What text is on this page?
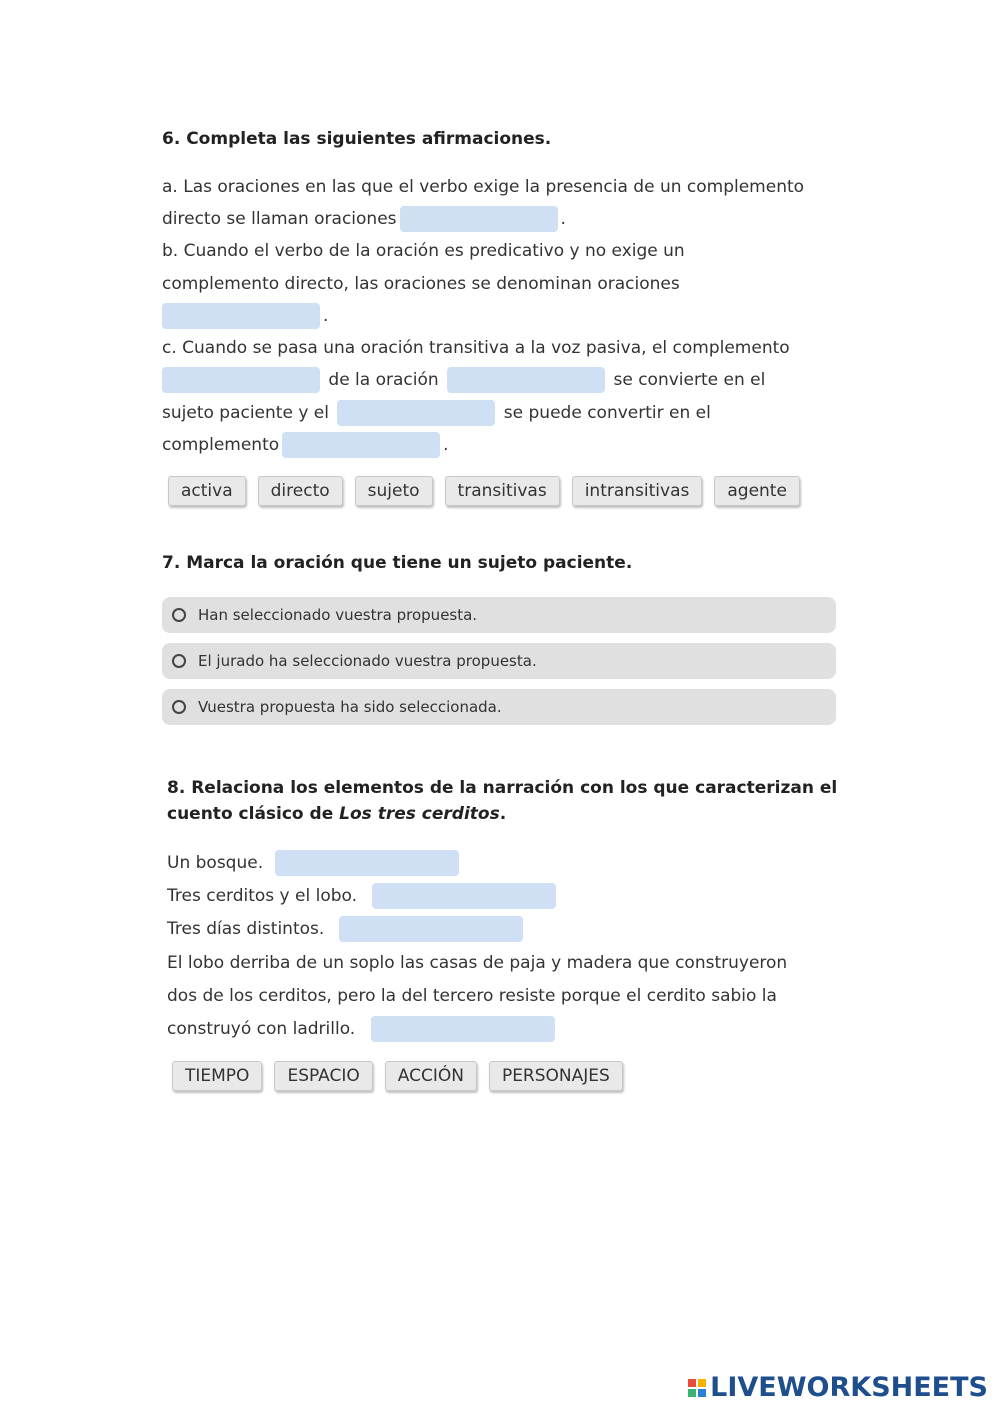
6. Completa las siguientes afirmaciones.
a. Las oraciones en las que el verbo exige la presencia de un complemento
directo se llaman oraciones	.
b. Cuando el verbo de la oración es predicativo y no exige un
complemento directo, las oraciones se denominan oraciones
.
c. Cuando se pasa una oración transitiva a la voz pasiva, el complemento
de la oración	se convierte en el
sujeto paciente y el	se puede convertir en el
complemento	.
activa	directo	sujeto	transitivas	intransitivas	agente
7. Marca la oración que tiene un sujeto paciente.
Han seleccionado vuestra propuesta.
El jurado ha seleccionado vuestra propuesta.
Vuestra propuesta ha sido seleccionada.
8. Relaciona los elementos de la narración con los que caracterizan el
cuento clásico de Los tres cerditos.
Un bosque.
Tres cerditos y el lobo.
Tres días distintos.
El lobo derriba de un soplo las casas de paja y madera que construyeron
dos de los cerditos, pero la del tercero resiste porque el cerdito sabio la
construyó con ladrillo.
TIEMPO	ESPACIO	ACCIÓN	PERSONAJES
LIVEWORKSHEETS
